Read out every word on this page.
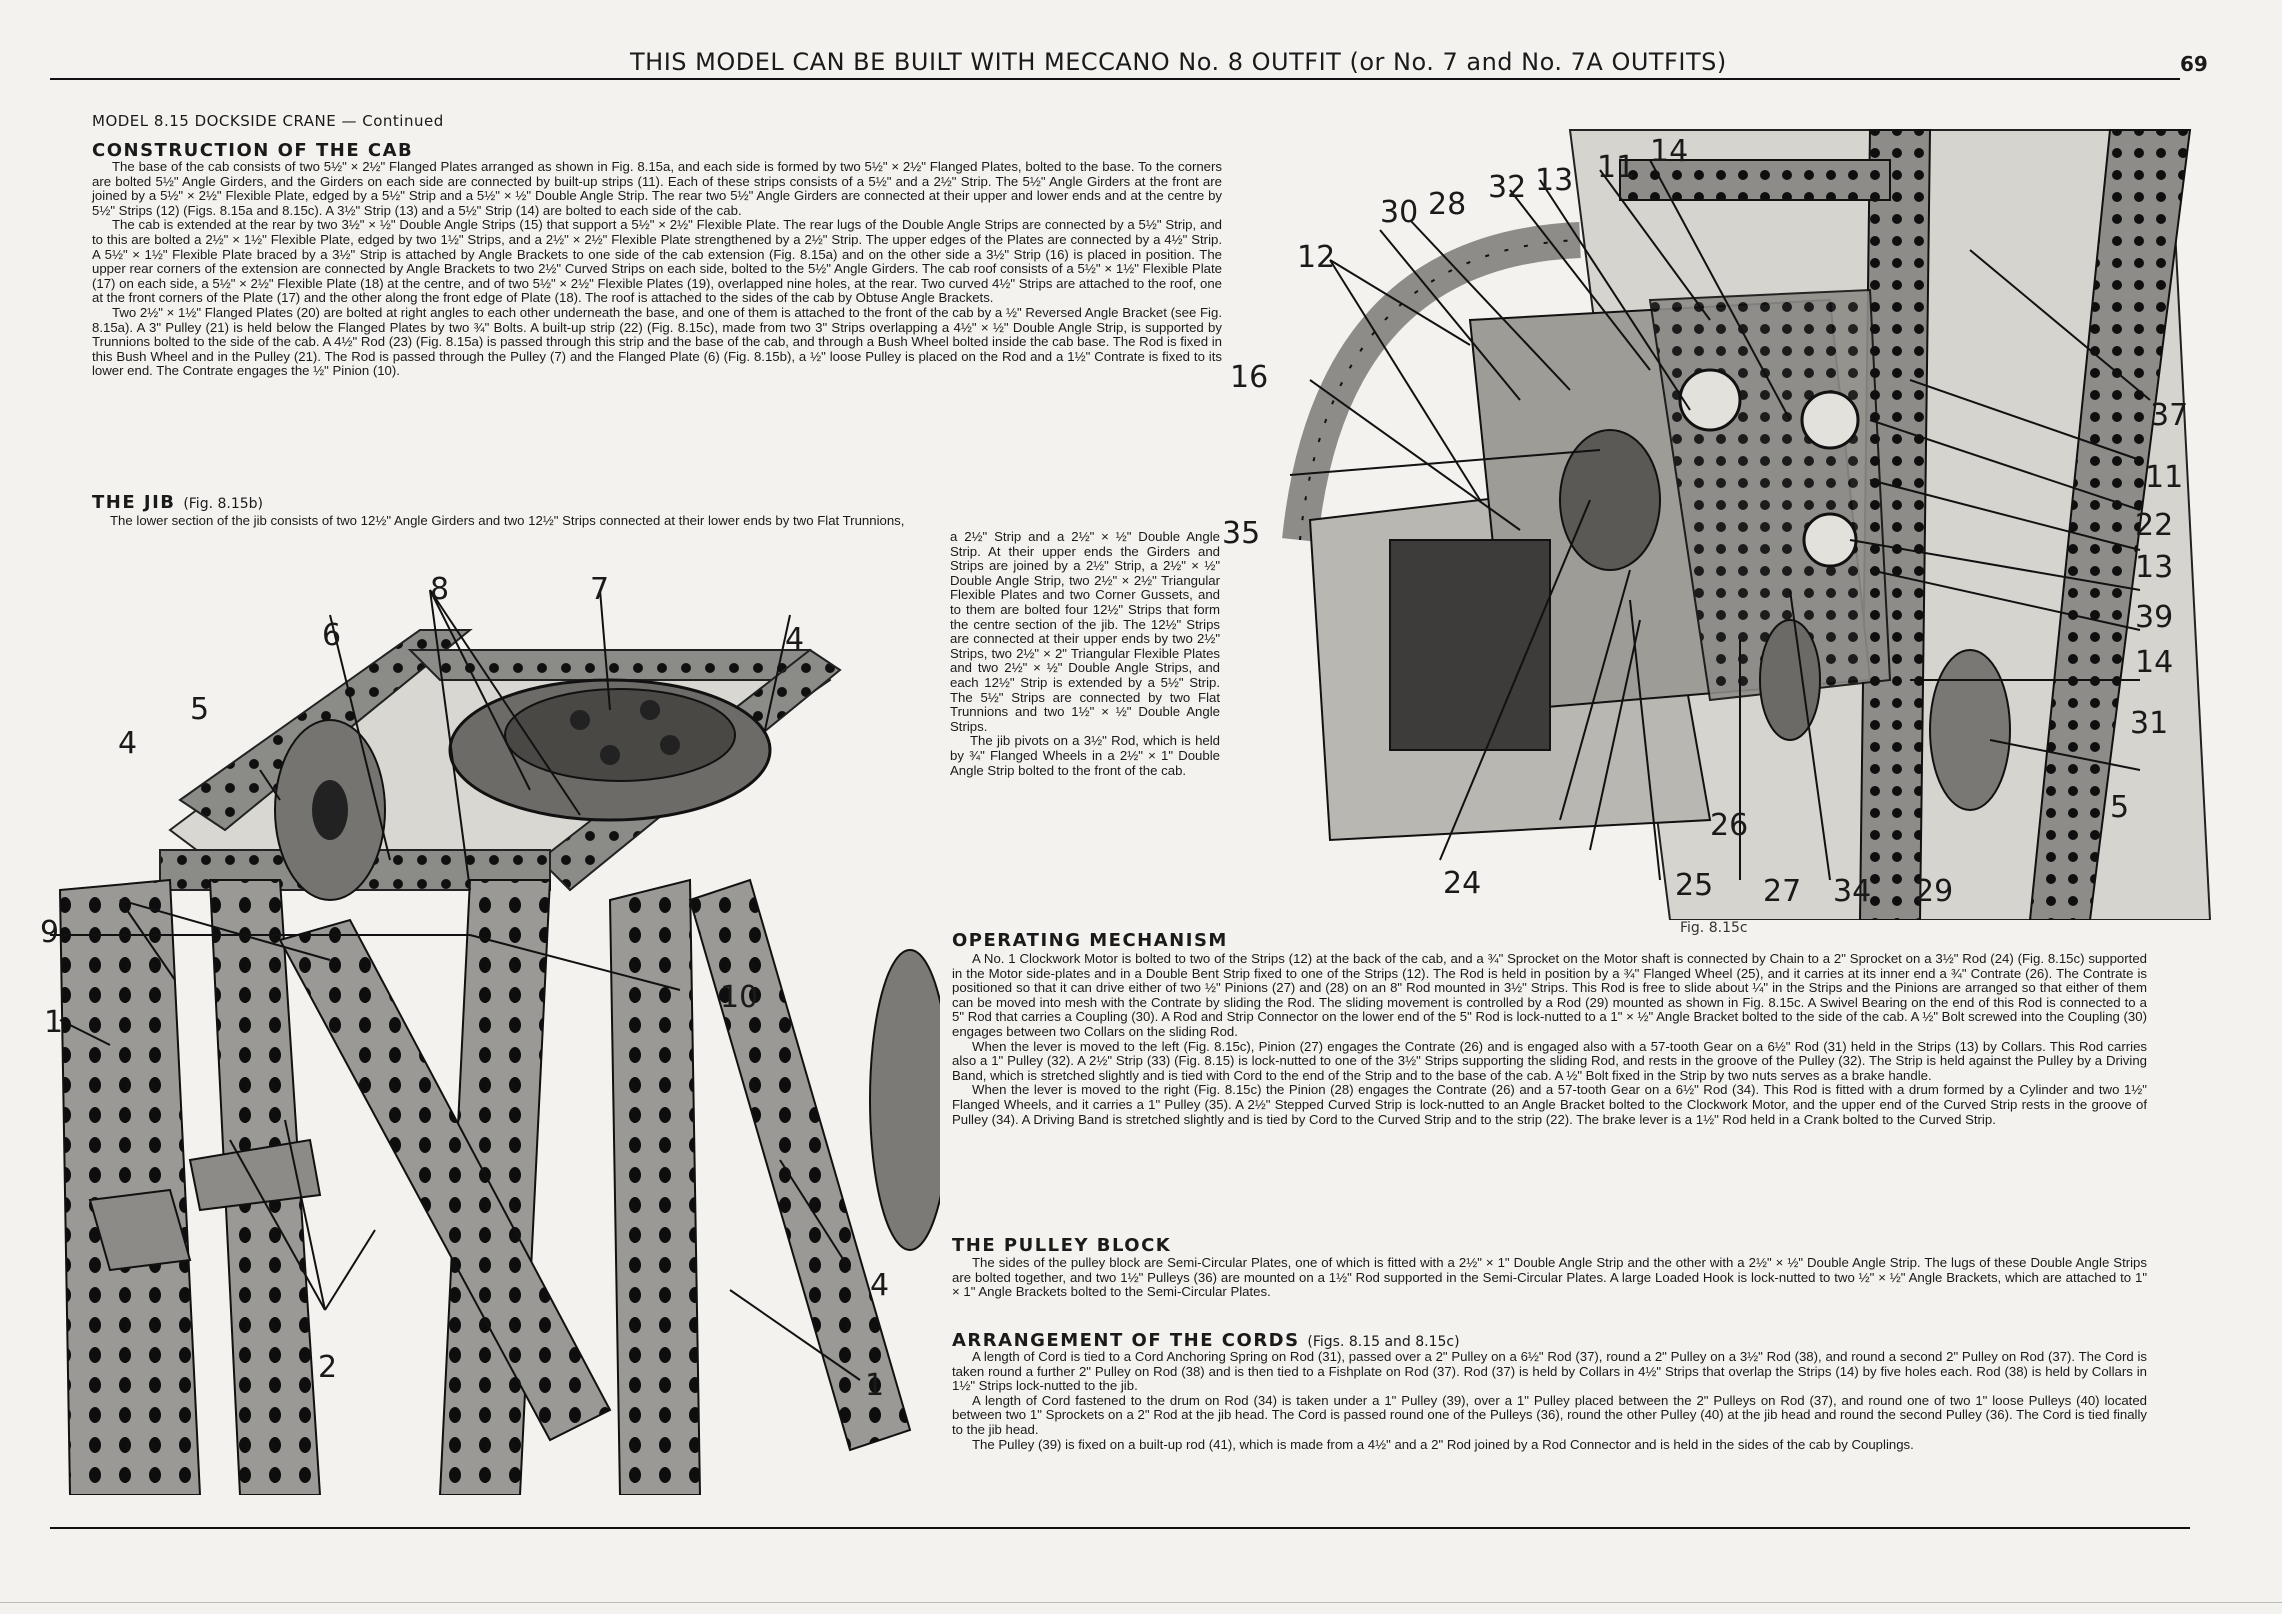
THIS MODEL CAN BE BUILT WITH MECCANO No. 8 OUTFIT (or No. 7 and No. 7A OUTFITS)	69
MODEL 8.15 DOCKSIDE CRANE — Continued
CONSTRUCTION OF THE CAB

The base of the cab consists of two 5½" × 2½" Flanged Plates arranged as shown in Fig. 8.15a, and each side is formed by two 5½" × 2½" Flanged Plates, bolted to the base. To the corners are bolted 5½" Angle Girders, and the Girders on each side are connected by built-up strips (11). Each of these strips consists of a 5½" and a 2½" Strip. The 5½" Angle Girders at the front are joined by a 5½" × 2½" Flexible Plate, edged by a 5½" Strip and a 5½" × ½" Double Angle Strip. The rear two 5½" Angle Girders are connected at their upper and lower ends and at the centre by 5½" Strips (12) (Figs. 8.15a and 8.15c). A 3½" Strip (13) and a 5½" Strip (14) are bolted to each side of the cab.

The cab is extended at the rear by two 3½" × ½" Double Angle Strips (15) that support a 5½" × 2½" Flexible Plate. The rear lugs of the Double Angle Strips are connected by a 5½" Strip, and to this are bolted a 2½" × 1½" Flexible Plate, edged by two 1½" Strips, and a 2½" × 2½" Flexible Plate strengthened by a 2½" Strip. The upper edges of the Plates are connected by a 4½" Strip. A 5½" × 1½" Flexible Plate braced by a 3½" Strip is attached by Angle Brackets to one side of the cab extension (Fig. 8.15a) and on the other side a 3½" Strip (16) is placed in position. The upper rear corners of the extension are connected by Angle Brackets to two 2½" Curved Strips on each side, bolted to the 5½" Angle Girders. The cab roof consists of a 5½" × 1½" Flexible Plate (17) on each side, a 5½" × 2½" Flexible Plate (18) at the centre, and of two 5½" × 2½" Flexible Plates (19), overlapped nine holes, at the rear. Two curved 4½" Strips are attached to the roof, one at the front corners of the Plate (17) and the other along the front edge of Plate (18). The roof is attached to the sides of the cab by Obtuse Angle Brackets.

Two 2½" × 1½" Flanged Plates (20) are bolted at right angles to each other underneath the base, and one of them is attached to the front of the cab by a ½" Reversed Angle Bracket (see Fig. 8.15a). A 3" Pulley (21) is held below the Flanged Plates by two ¾" Bolts. A built-up strip (22) (Fig. 8.15c), made from two 3" Strips overlapping a 4½" × ½" Double Angle Strip, is supported by Trunnions bolted to the side of the cab. A 4½" Rod (23) (Fig. 8.15a) is passed through this strip and the base of the cab, and through a Bush Wheel bolted inside the cab base. The Rod is fixed in this Bush Wheel and in the Pulley (21). The Rod is passed through the Pulley (7) and the Flanged Plate (6) (Fig. 8.15b), a ½" loose Pulley is placed on the Rod and a 1½" Contrate is fixed to its lower end. The Contrate engages the ½" Pinion (10).

THE JIB (Fig. 8.15b)
The lower section of the jib consists of two 12½" Angle Girders and two 12½" Strips connected at their lower ends by two Flat Trunnions,

a 2½" Strip and a 2½" × ½" Double Angle Strip. At their upper ends the Girders and Strips are joined by a 2½" Strip, a 2½" × ½" Double Angle Strip, two 2½" × 2½" Triangular Flexible Plates and two Corner Gussets, and to them are bolted four 12½" Strips that form the centre section of the jib. The 12½" Strips are connected at their upper ends by two 2½" Strips, two 2½" × 2" Triangular Flexible Plates and two 2½" × ½" Double Angle Strips, and each 12½" Strip is extended by a 5½" Strip. The 5½" Strips are connected by two Flat Trunnions and two 1½" × ½" Double Angle Strips.

The jib pivots on a 3½" Rod, which is held by ¾" Flanged Wheels in a 2½" × 1" Double Angle Strip bolted to the front of the cab.

8	7
6	4
5
4
9
10
1
2
4
1
14
11
13
32
28
30
12
16
35
37
11
22
13
39
14
31
5
26
24	25 27 34 29
Fig. 8.15c
OPERATING MECHANISM

A No. 1 Clockwork Motor is bolted to two of the Strips (12) at the back of the cab, and a ¾" Sprocket on the Motor shaft is connected by Chain to a 2" Sprocket on a 3½" Rod (24) (Fig. 8.15c) supported in the Motor side-plates and in a Double Bent Strip fixed to one of the Strips (12). The Rod is held in position by a ¾" Flanged Wheel (25), and it carries at its inner end a ¾" Contrate (26). The Contrate is positioned so that it can drive either of two ½" Pinions (27) and (28) on an 8" Rod mounted in 3½" Strips. This Rod is free to slide about ¼" in the Strips and the Pinions are arranged so that either of them can be moved into mesh with the Contrate by sliding the Rod. The sliding movement is controlled by a Rod (29) mounted as shown in Fig. 8.15c. A Swivel Bearing on the end of this Rod is connected to a 5" Rod that carries a Coupling (30). A Rod and Strip Connector on the lower end of the 5" Rod is lock-nutted to a 1" × ½" Angle Bracket bolted to the side of the cab. A ½" Bolt screwed into the Coupling (30) engages between two Collars on the sliding Rod.

When the lever is moved to the left (Fig. 8.15c), Pinion (27) engages the Contrate (26) and is engaged also with a 57-tooth Gear on a 6½" Rod (31) held in the Strips (13) by Collars. This Rod carries also a 1" Pulley (32). A 2½" Strip (33) (Fig. 8.15) is lock-nutted to one of the 3½" Strips supporting the sliding Rod, and rests in the groove of the Pulley (32). The Strip is held against the Pulley by a Driving Band, which is stretched slightly and is tied with Cord to the end of the Strip and to the base of the cab. A ½" Bolt fixed in the Strip by two nuts serves as a brake handle.

When the lever is moved to the right (Fig. 8.15c) the Pinion (28) engages the Contrate (26) and a 57-tooth Gear on a 6½" Rod (34). This Rod is fitted with a drum formed by a Cylinder and two 1½" Flanged Wheels, and it carries a 1" Pulley (35). A 2½" Stepped Curved Strip is lock-nutted to an Angle Bracket bolted to the Clockwork Motor, and the upper end of the Curved Strip rests in the groove of Pulley (34). A Driving Band is stretched slightly and is tied by Cord to the Curved Strip and to the strip (22). The brake lever is a 1½" Rod held in a Crank bolted to the Curved Strip.

THE PULLEY BLOCK

The sides of the pulley block are Semi-Circular Plates, one of which is fitted with a 2½" × 1" Double Angle Strip and the other with a 2½" × ½" Double Angle Strip. The lugs of these Double Angle Strips are bolted together, and two 1½" Pulleys (36) are mounted on a 1½" Rod supported in the Semi-Circular Plates. A large Loaded Hook is lock-nutted to two ½" × ½" Angle Brackets, which are attached to 1" × 1" Angle Brackets bolted to the Semi-Circular Plates.

ARRANGEMENT OF THE CORDS (Figs. 8.15 and 8.15c)

A length of Cord is tied to a Cord Anchoring Spring on Rod (31), passed over a 2" Pulley on a 6½" Rod (37), round a 2" Pulley on a 3½" Rod (38), and round a second 2" Pulley on Rod (37). The Cord is taken round a further 2" Pulley on Rod (38) and is then tied to a Fishplate on Rod (37). Rod (37) is held by Collars in 4½" Strips that overlap the Strips (14) by five holes each. Rod (38) is held by Collars in 1½" Strips lock-nutted to the jib.

A length of Cord fastened to the drum on Rod (34) is taken under a 1" Pulley (39), over a 1" Pulley placed between the 2" Pulleys on Rod (37), and round one of two 1" loose Pulleys (40) located between two 1" Sprockets on a 2" Rod at the jib head. The Cord is passed round one of the Pulleys (36), round the other Pulley (40) at the jib head and round the second Pulley (36). The Cord is tied finally to the jib head.

The Pulley (39) is fixed on a built-up rod (41), which is made from a 4½" and a 2" Rod joined by a Rod Connector and is held in the sides of the cab by Couplings.
